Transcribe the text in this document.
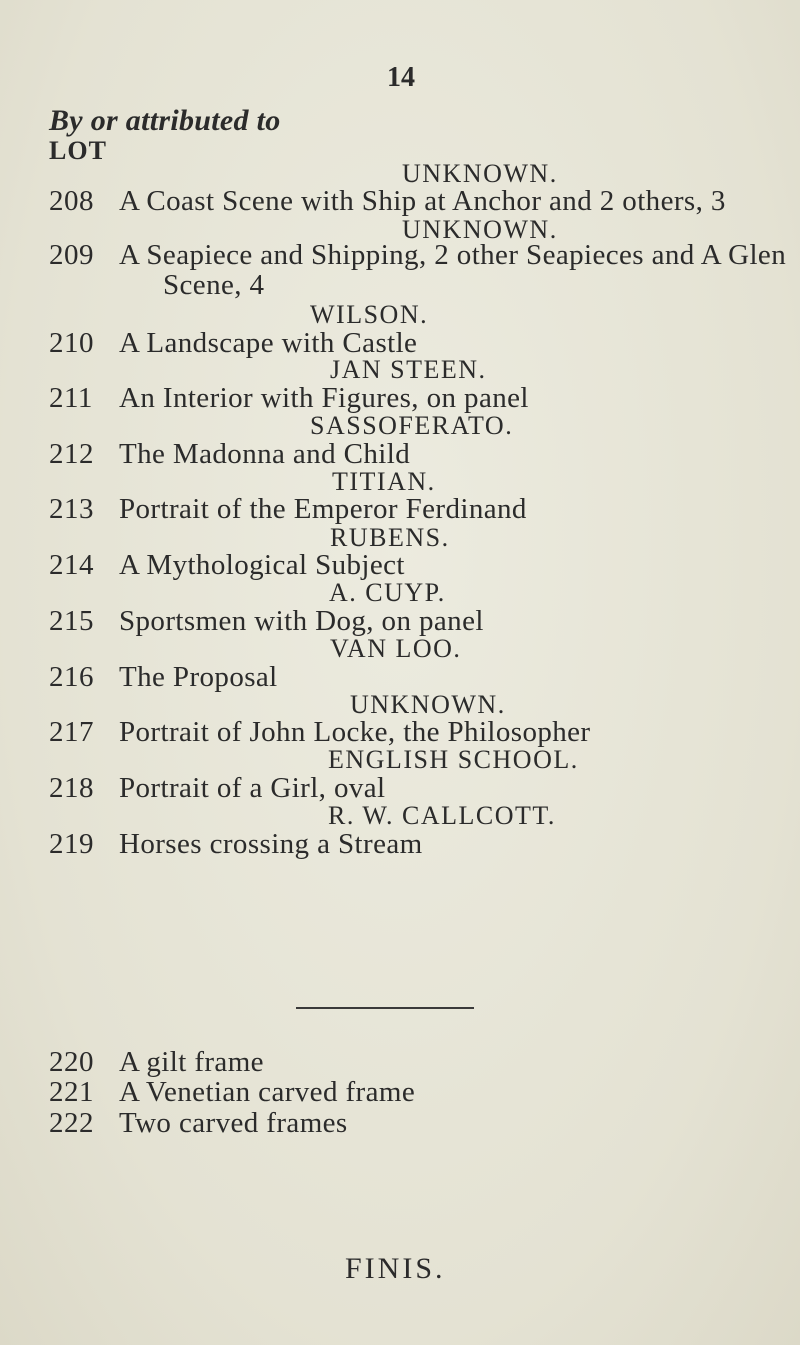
14
By or attributed to
LOT
UNKNOWN.
208 A Coast Scene with Ship at Anchor and 2 others, 3
UNKNOWN.
209 A Seapiece and Shipping, 2 other Seapieces and A Glen
Scene, 4
WILSON.
210 A Landscape with Castle
JAN STEEN.
211 An Interior with Figures, on panel
SASSOFERATO.
212 The Madonna and Child
TITIAN.
213 Portrait of the Emperor Ferdinand
RUBENS.
214 A Mythological Subject
A. CUYP.
215 Sportsmen with Dog, on panel
VAN LOO.
216 The Proposal
UNKNOWN.
217 Portrait of John Locke, the Philosopher
ENGLISH SCHOOL.
218 Portrait of a Girl, oval
R. W. CALLCOTT.
219 Horses crossing a Stream
220 A gilt frame
221 A Venetian carved frame
222 Two carved frames
FINIS.
